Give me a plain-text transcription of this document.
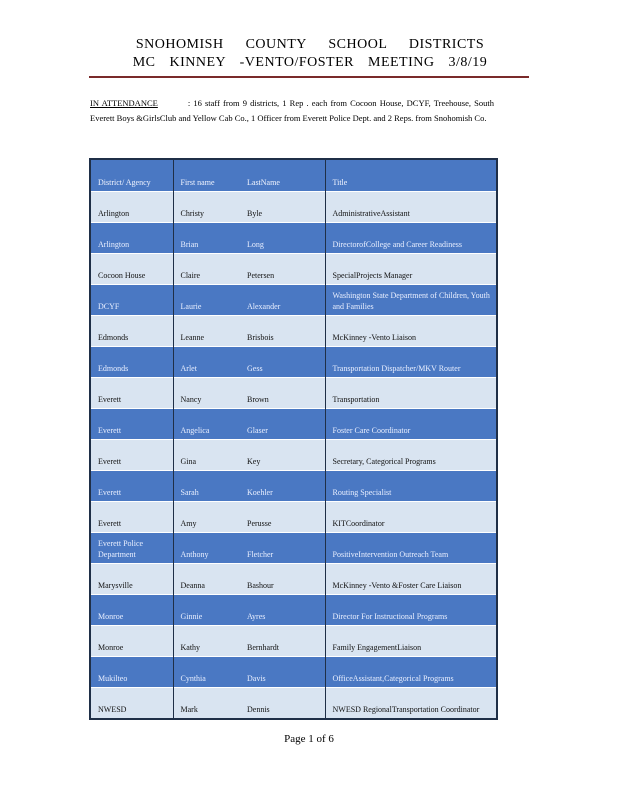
SNOHOMISH COUNTY SCHOOL DISTRICTS
MC KINNEY -VENTO/FOSTER MEETING 3/8/19
IN ATTENDANCE	: 16 staff from 9 districts, 1 Rep . each from Cocoon House, DCYF, Treehouse, South Everett Boys &GirlsClub and Yellow Cab Co., 1 Officer from Everett Police Dept. and 2 Reps. from Snohomish Co.
District/ Agency	First name	LastName	Title
Arlington	Christy	Byle	AdministrativeAssistant
Arlington	Brian	Long	DirectorofCollege and Career Readiness
Cocoon House	Claire	Petersen	SpecialProjects Manager
DCYF	Laurie	Alexander	Washington State Department of Children, Youth and Families
Edmonds	Leanne	Brisbois	McKinney -Vento Liaison
Edmonds	Arlet	Gess	Transportation Dispatcher/MKV Router
Everett	Nancy	Brown	Transportation
Everett	Angelica	Glaser	Foster Care Coordinator
Everett	Gina	Key	Secretary, Categorical Programs
Everett	Sarah	Koehler	Routing Specialist
Everett	Amy	Perusse	KITCoordinator
Everett Police Department	Anthony	Fletcher	PositiveIntervention Outreach Team
Marysville	Deanna	Bashour	McKinney -Vento &Foster Care Liaison
Monroe	Ginnie	Ayres	Director For Instructional Programs
Monroe	Kathy	Bernhardt	Family EngagementLiaison
Mukilteo	Cynthia	Davis	OfficeAssistant,Categorical Programs
NWESD	Mark	Dennis	NWESD RegionalTransportation Coordinator
Page 1 of 6
